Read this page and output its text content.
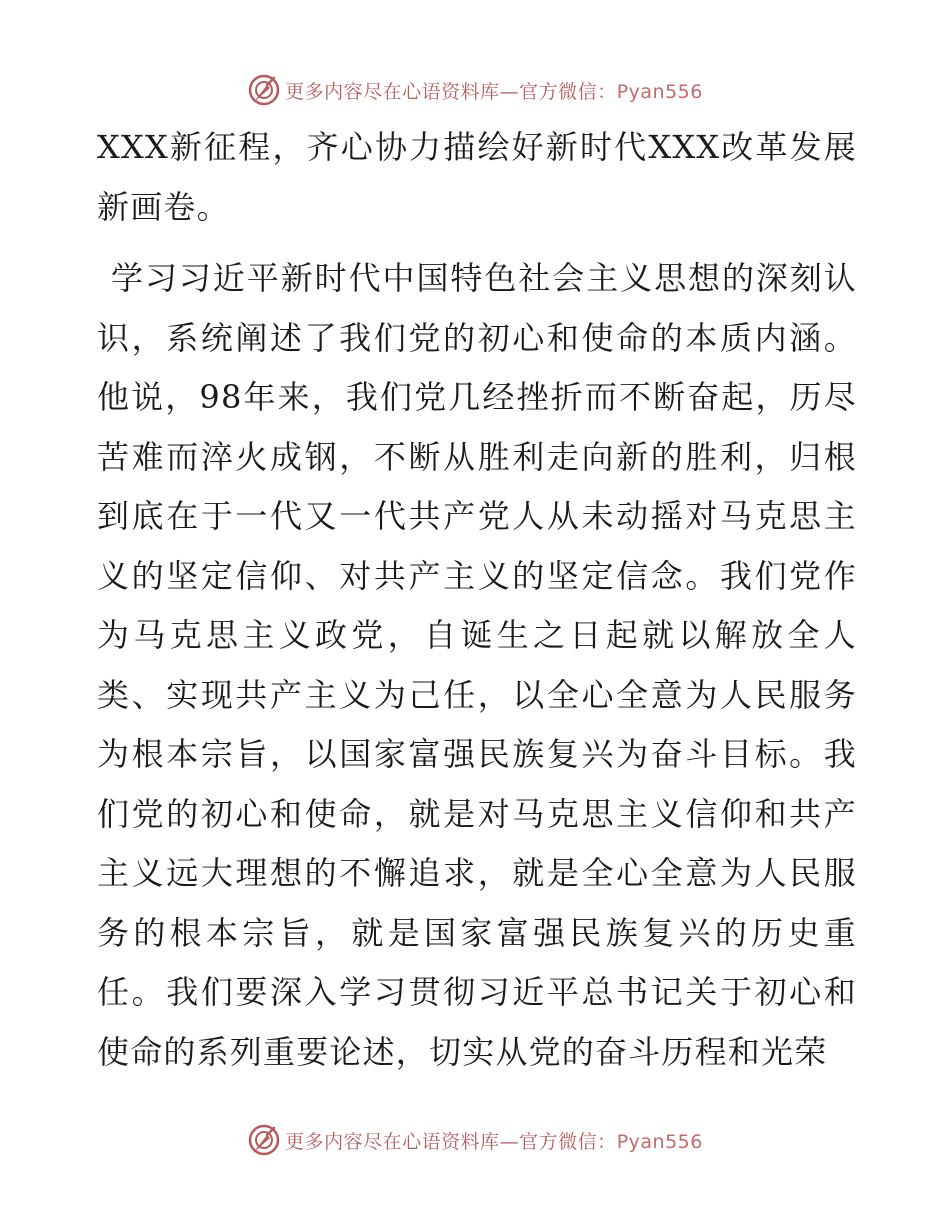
更多内容尽在心语资料库—官方微信：Pyan556

XXX新征程，齐心协力描绘好新时代XXX改革发展新画卷。

学习习近平新时代中国特色社会主义思想的深刻认识，系统阐述了我们党的初心和使命的本质内涵。他说，98年来，我们党几经挫折而不断奋起，历尽苦难而淬火成钢，不断从胜利走向新的胜利，归根到底在于一代又一代共产党人从未动摇对马克思主义的坚定信仰、对共产主义的坚定信念。我们党作为马克思主义政党，自诞生之日起就以解放全人类、实现共产主义为己任，以全心全意为人民服务为根本宗旨，以国家富强民族复兴为奋斗目标。我们党的初心和使命，就是对马克思主义信仰和共产主义远大理想的不懈追求，就是全心全意为人民服务的根本宗旨，就是国家富强民族复兴的历史重任。我们要深入学习贯彻习近平总书记关于初心和使命的系列重要论述，切实从党的奋斗历程和光荣

更多内容尽在心语资料库—官方微信：Pyan556
